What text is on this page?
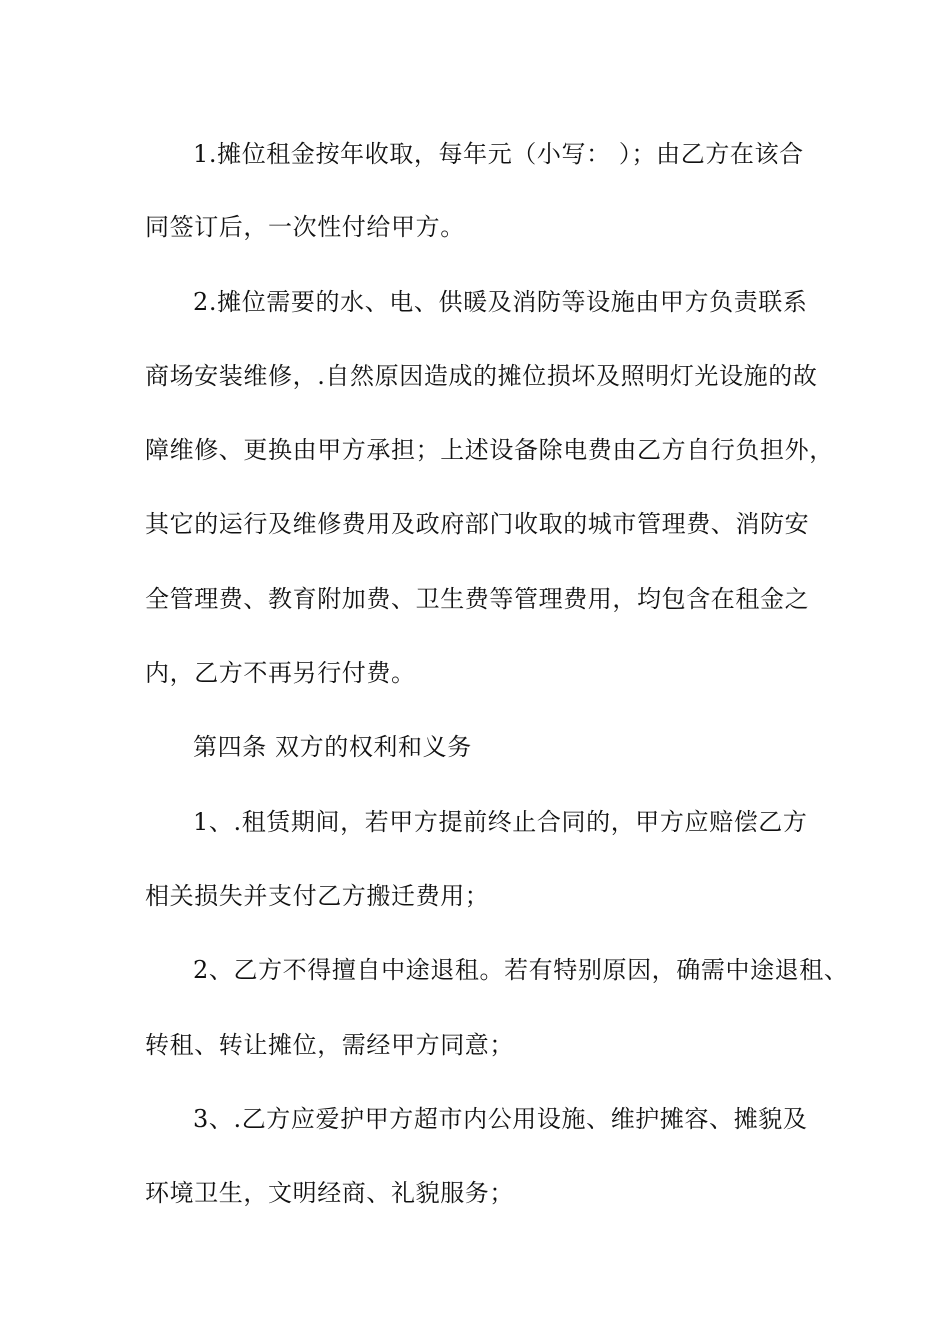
1.摊位租金按年收取，每年元（小写： ）；由乙方在该合
同签订后，一次性付给甲方。
2.摊位需要的水、电、供暖及消防等设施由甲方负责联系
商场安装维修，.自然原因造成的摊位损坏及照明灯光设施的故
障维修、更换由甲方承担；上述设备除电费由乙方自行负担外，
其它的运行及维修费用及政府部门收取的城市管理费、消防安
全管理费、教育附加费、卫生费等管理费用，均包含在租金之
内，乙方不再另行付费。
第四条 双方的权利和义务
1、.租赁期间，若甲方提前终止合同的，甲方应赔偿乙方
相关损失并支付乙方搬迁费用；
2、乙方不得擅自中途退租。若有特别原因，确需中途退租、
转租、转让摊位，需经甲方同意；
3、.乙方应爱护甲方超市内公用设施、维护摊容、摊貌及
环境卫生，文明经商、礼貌服务；
